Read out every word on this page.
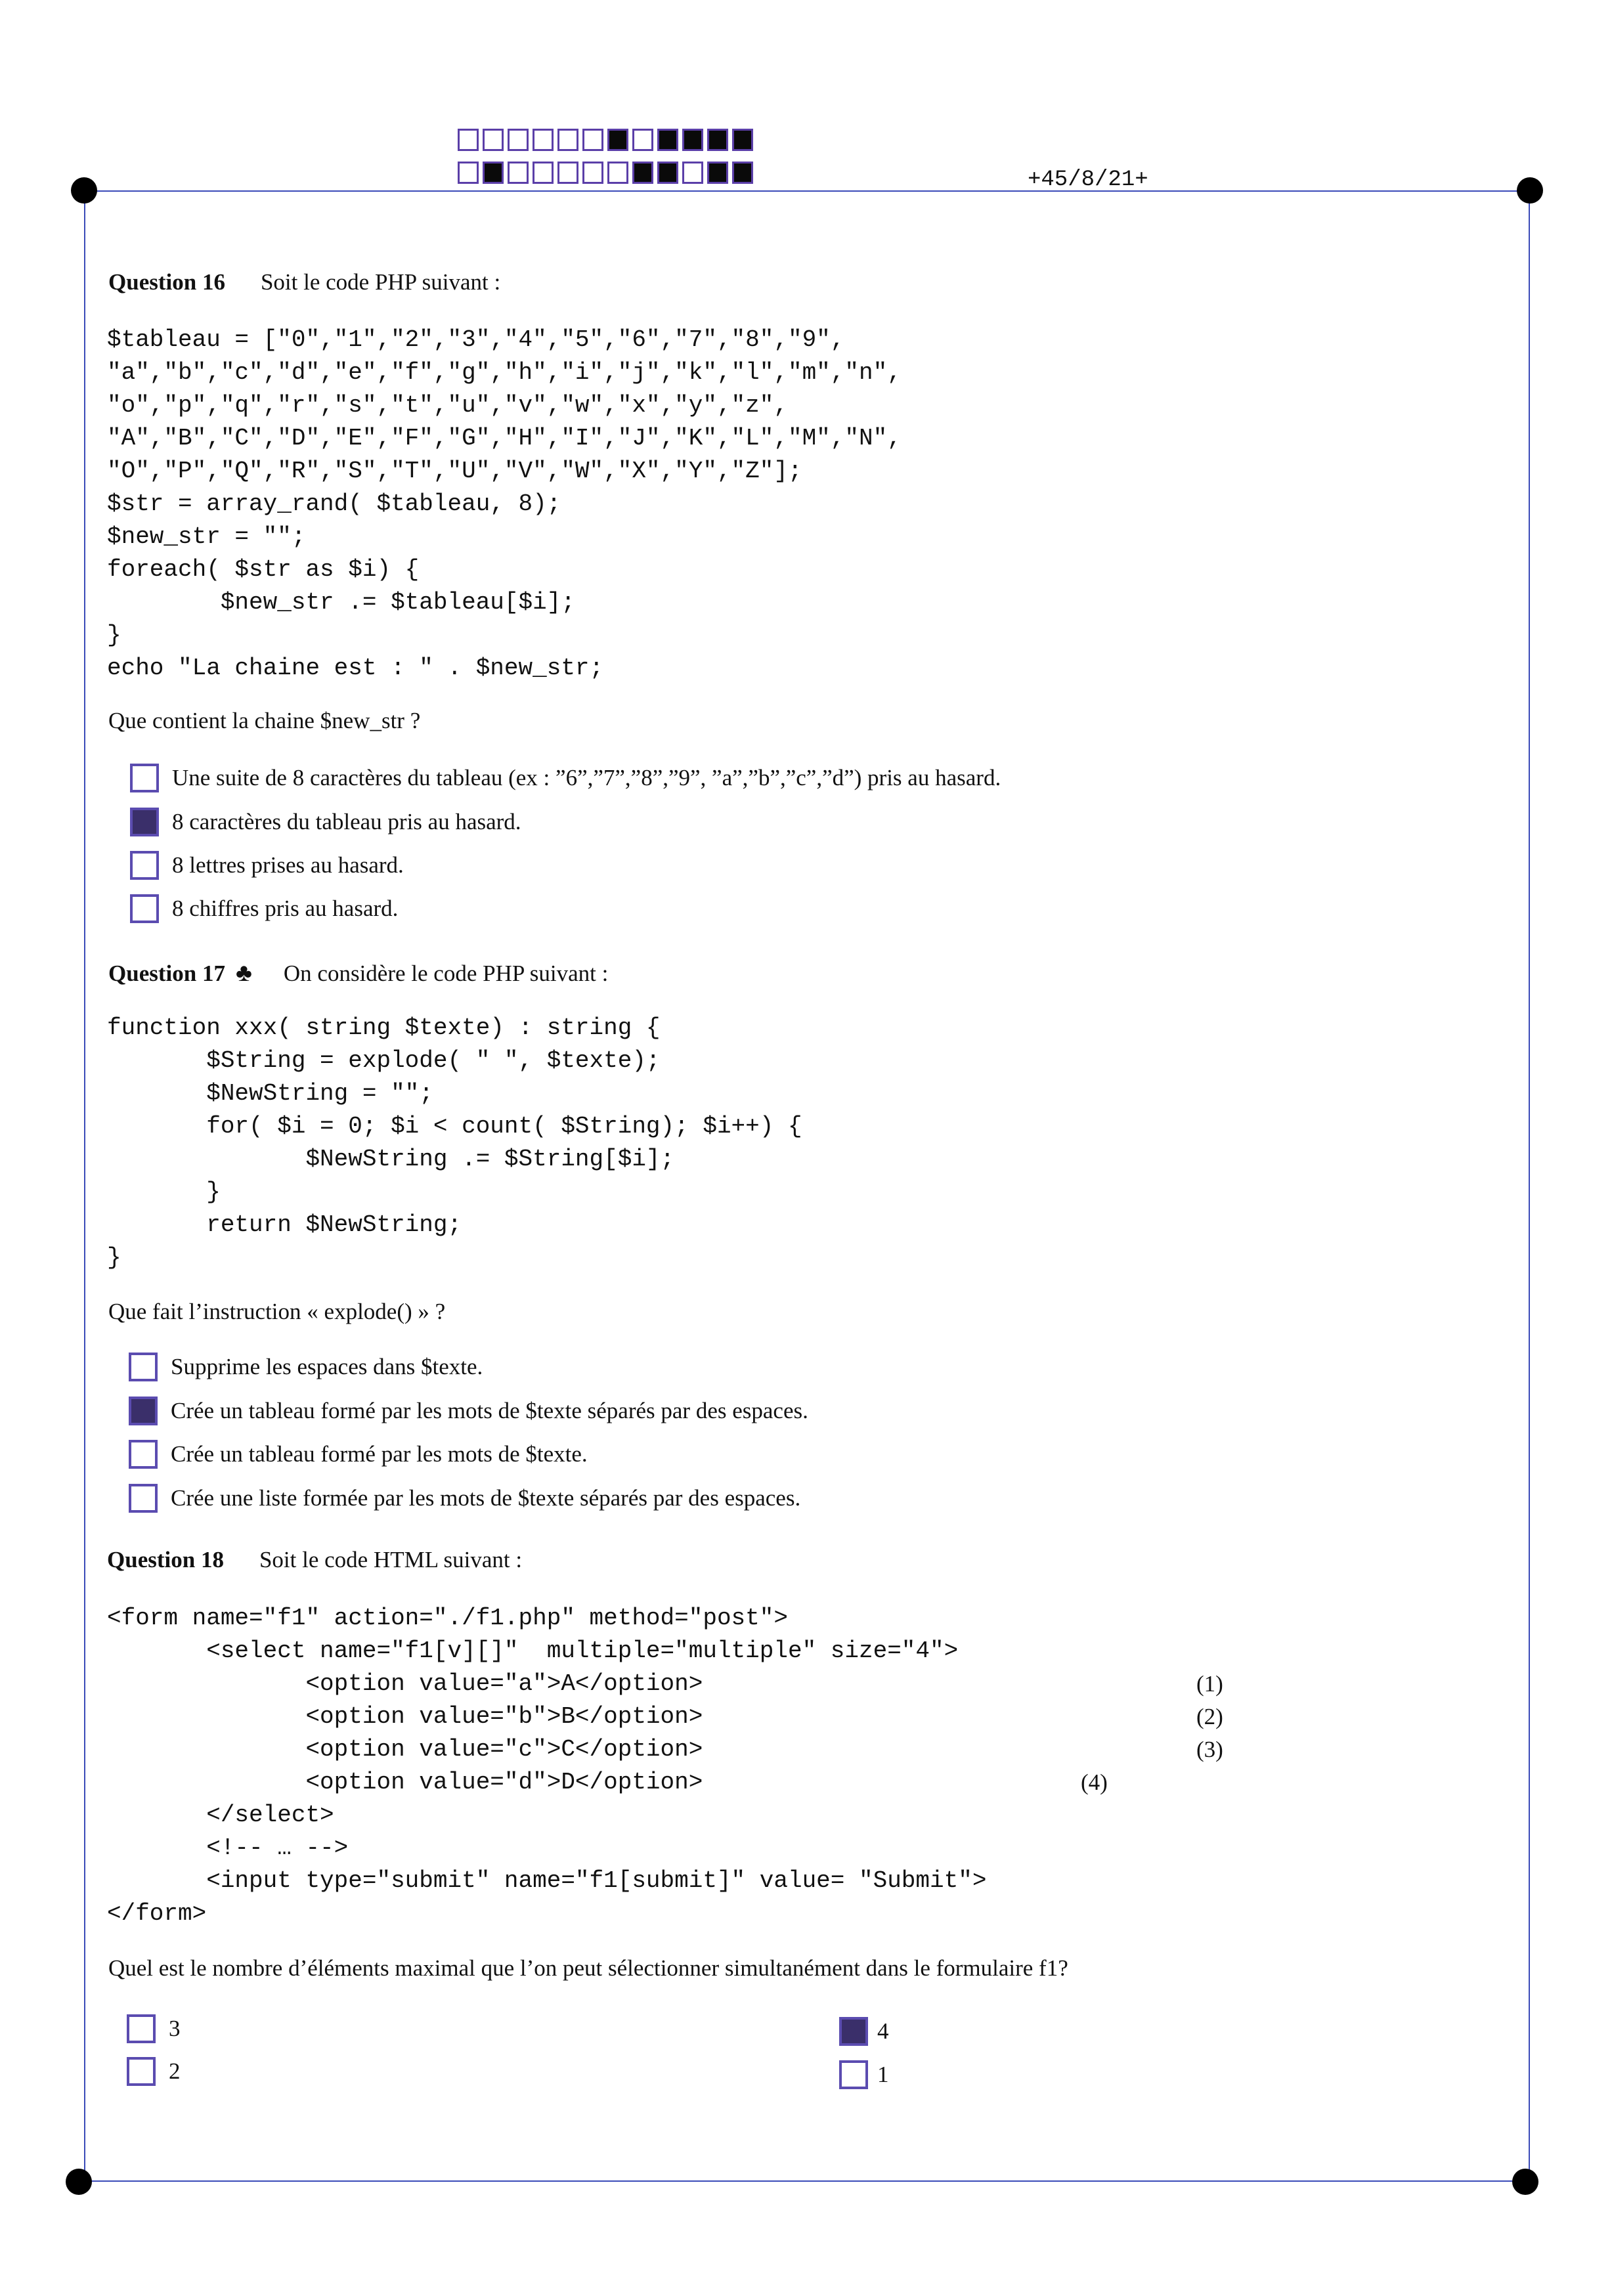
+45/8/21+
Question 16 Soit le code PHP suivant :
$tableau = ["0","1","2","3","4","5","6","7","8","9",
"a","b","c","d","e","f","g","h","i","j","k","l","m","n",
"o","p","q","r","s","t","u","v","w","x","y","z",
"A","B","C","D","E","F","G","H","I","J","K","L","M","N",
"O","P","Q","R","S","T","U","V","W","X","Y","Z"];
$str = array_rand( $tableau, 8);
$new_str = "";
foreach( $str as $i) {
$new_str .= $tableau[$i];
}
echo "La chaine est : " . $new_str;
Que contient la chaine $new_str ?
Une suite de 8 caractères du tableau (ex : ”6”,”7”,”8”,”9”, ”a”,”b”,”c”,”d”) pris au hasard.
8 caractères du tableau pris au hasard.
8 lettres prises au hasard.
8 chiffres pris au hasard.
Question 17 ♣ On considère le code PHP suivant :
function xxx( string $texte) : string {
$String = explode( " ", $texte);
$NewString = "";
for( $i = 0; $i < count( $String); $i++) {
$NewString .= $String[$i];
}
return $NewString;
}
Que fait l’instruction « explode() » ?
Supprime les espaces dans $texte.
Crée un tableau formé par les mots de $texte séparés par des espaces.
Crée un tableau formé par les mots de $texte.
Crée une liste formée par les mots de $texte séparés par des espaces.
Question 18 Soit le code HTML suivant :
<form name="f1" action="./f1.php" method="post">
<select name="f1[v][]"  multiple="multiple" size="4">
<option value="a">A</option>
<option value="b">B</option>
<option value="c">C</option>
<option value="d">D</option>
</select>
<!-- … -->
<input type="submit" name="f1[submit]" value= "Submit">
</form>
(1)
(2)
(3)
(4)
Quel est le nombre d’éléments maximal que l’on peut sélectionner simultanément dans le formulaire f1?
3
2
4
1
